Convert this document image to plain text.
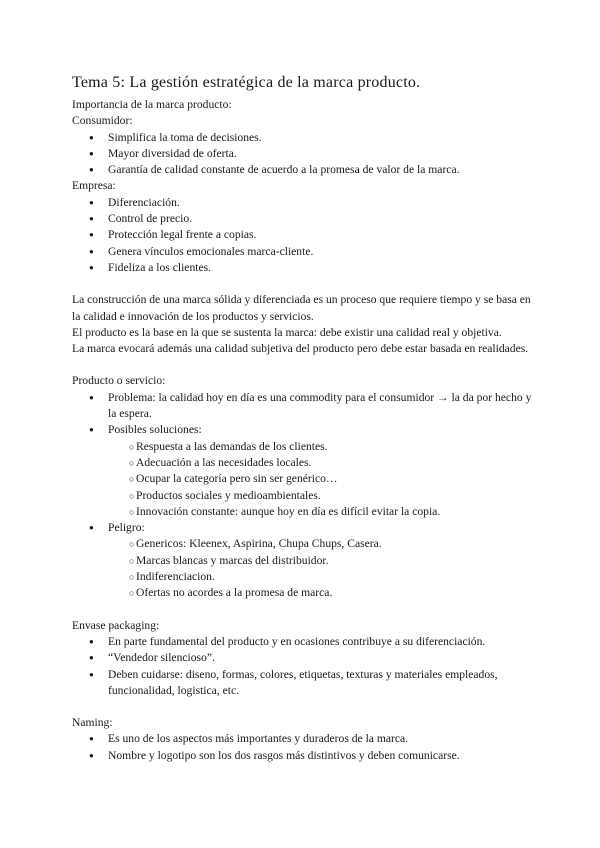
Tema 5: La gestión estratégica de la marca producto.

Importancia de la marca producto:

Consumidor:

● Simplifica la toma de decisiones.
● Mayor diversidad de oferta.
● Garantía de calidad constante de acuerdo a la promesa de valor de la marca.

Empresa:

● Diferenciación.
● Control de precio.
● Protección legal frente a copias.
● Genera vínculos emocionales marca-cliente.
● Fideliza a los clientes.

La construcción de una marca sólida y diferenciada es un proceso que requiere tiempo y se basa en la calidad e innovación de los productos y servicios.

El producto es la base en la que se sustenta la marca: debe existir una calidad real y objetiva.

La marca evocará además una calidad subjetiva del producto pero debe estar basada en realidades.

Producto o servicio:

● Problema: la calidad hoy en día es una commodity para el consumidor → la da por hecho y la espera.
● Posibles soluciones:
○ Respuesta a las demandas de los clientes.
○ Adecuación a las necesidades locales.
○ Ocupar la categoría pero sin ser genérico…
○ Productos sociales y medioambientales.
○ Innovación constante: aunque hoy en día es difícil evitar la copia.
● Peligro:
○ Genericos: Kleenex, Aspirina, Chupa Chups, Casera.
○ Marcas blancas y marcas del distribuidor.
○ Indiferenciacion.
○ Ofertas no acordes a la promesa de marca.

Envase packaging:

● En parte fundamental del producto y en ocasiones contribuye a su diferenciación.
● “Vendedor silencioso”.
● Deben cuidarse: diseno, formas, colores, etiquetas, texturas y materiales empleados, funcionalidad, logistica, etc.

Naming:

● Es uno de los aspectos más importantes y duraderos de la marca.
● Nombre y logotipo son los dos rasgos más distintivos y deben comunicarse.
